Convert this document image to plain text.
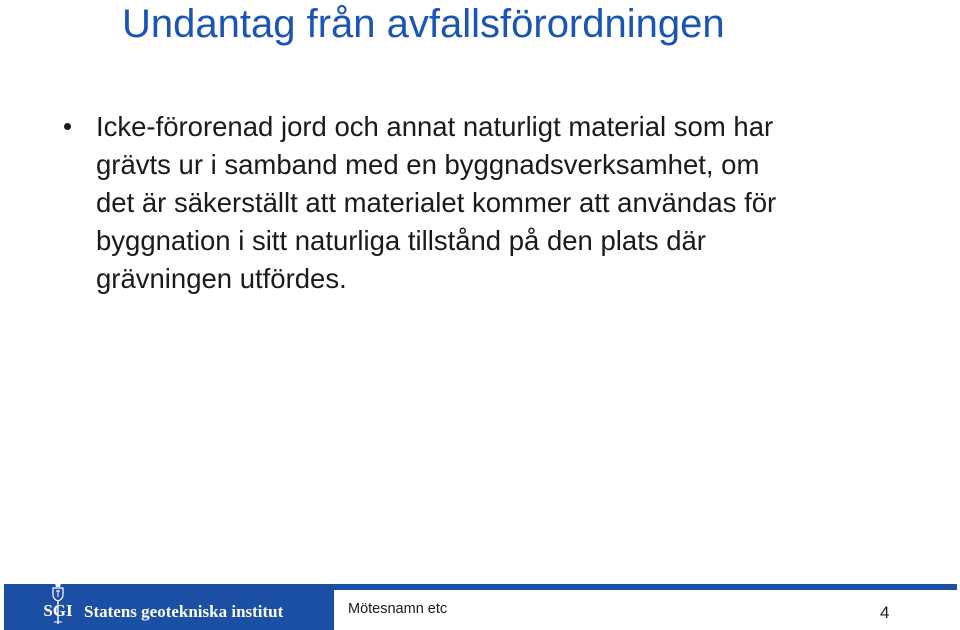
Undantag från avfallsförordningen
Icke-förorenad jord och annat naturligt material som har
grävts ur i samband med en byggnadsverksamhet, om
det är säkerställt att materialet kommer att användas för
byggnation i sitt naturliga tillstånd på den plats där
grävningen utfördes.
SGI Statens geotekniska institut	Mötesnamn etc	4
